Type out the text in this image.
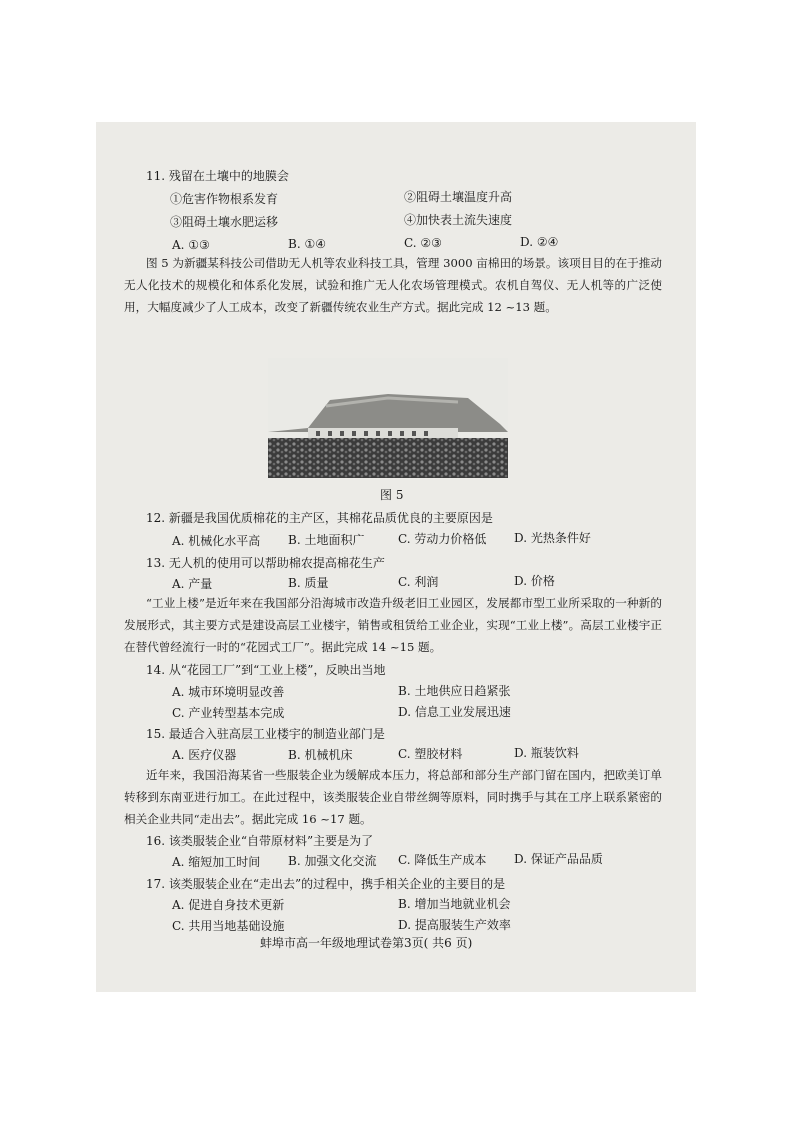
11. 残留在土壤中的地膜会
①危害作物根系发育	②阻碍土壤温度升高
③阻碍土壤水肥运移	④加快表土流失速度
A. ①③	B. ①④	C. ②③	D. ②④
图 5 为新疆某科技公司借助无人机等农业科技工具，管理 3000 亩棉田的场景。该项目目的在于推动无人化技术的规模化和体系化发展，试验和推广无人化农场管理模式。农机自驾仪、无人机等的广泛使用，大幅度减少了人工成本，改变了新疆传统农业生产方式。据此完成 12 ~13 题。
图 5
12. 新疆是我国优质棉花的主产区，其棉花品质优良的主要原因是
A. 机械化水平高 B. 土地面积广	C. 劳动力价格低 D. 光热条件好
13. 无人机的使用可以帮助棉农提高棉花生产
A. 产量	B. 质量	C. 利润	D. 价格
“工业上楼”是近年来在我国部分沿海城市改造升级老旧工业园区，发展都市型工业所采取的一种新的发展形式，其主要方式是建设高层工业楼宇，销售或租赁给工业企业，实现“工业上楼”。高层工业楼宇正在替代曾经流行一时的“花园式工厂”。据此完成 14 ~15 题。
14. 从“花园工厂”到“工业上楼”，反映出当地
A. 城市环境明显改善	B. 土地供应日趋紧张
C. 产业转型基本完成	D. 信息工业发展迅速
15. 最适合入驻高层工业楼宇的制造业部门是
A. 医疗仪器	B. 机械机床	C. 塑胶材料	D. 瓶装饮料
近年来，我国沿海某省一些服装企业为缓解成本压力，将总部和部分生产部门留在国内，把欧美订单转移到东南亚进行加工。在此过程中，该类服装企业自带丝绸等原料，同时携手与其在工序上联系紧密的相关企业共同“走出去”。据此完成 16 ~17 题。
16. 该类服装企业“自带原材料”主要是为了
A. 缩短加工时间 B. 加强文化交流 C. 降低生产成本 D. 保证产品品质
17. 该类服装企业在“走出去”的过程中，携手相关企业的主要目的是
A. 促进自身技术更新	B. 增加当地就业机会
C. 共用当地基础设施	D. 提高服装生产效率
蚌埠市高一年级地理试卷第3页( 共6 页)
